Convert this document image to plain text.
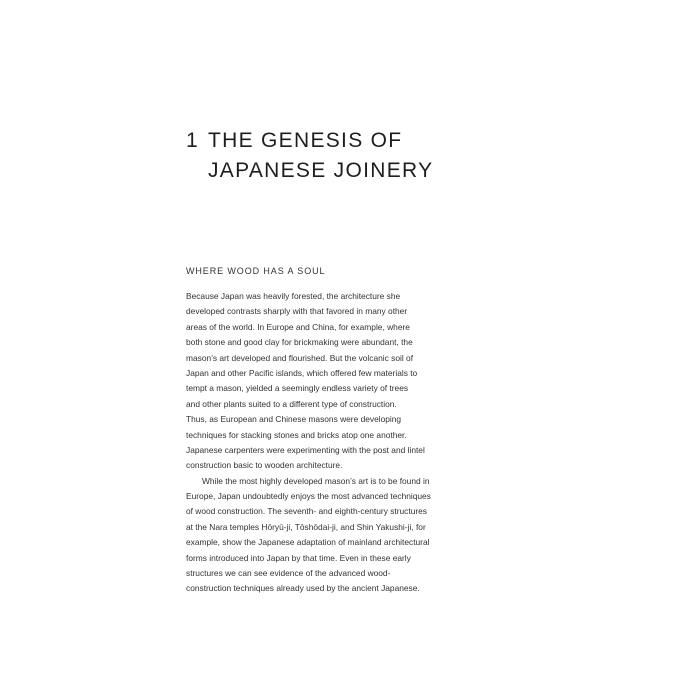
1 THE GENESIS OF
JAPANESE JOINERY
WHERE WOOD HAS A SOUL
Because Japan was heavily forested, the architecture she
developed contrasts sharply with that favored in many other
areas of the world. In Europe and China, for example, where
both stone and good clay for brickmaking were abundant, the
mason’s art developed and flourished. But the volcanic soil of
Japan and other Pacific islands, which offered few materials to
tempt a mason, yielded a seemingly endless variety of trees
and other plants suited to a different type of construction.
Thus, as European and Chinese masons were developing
techniques for stacking stones and bricks atop one another.
Japanese carpenters were experimenting with the post and lintel
construction basic to wooden architecture.
While the most highly developed mason’s art is to be found in
Europe, Japan undoubtedly enjoys the most advanced techniques
of wood construction. The seventh- and eighth-century structures
at the Nara temples Hōryū-ji, Tōshōdai-ji, and Shin Yakushi-ji, for
example, show the Japanese adaptation of mainland architectural
forms introduced into Japan by that time. Even in these early
structures we can see evidence of the advanced wood-
construction techniques already used by the ancient Japanese.
